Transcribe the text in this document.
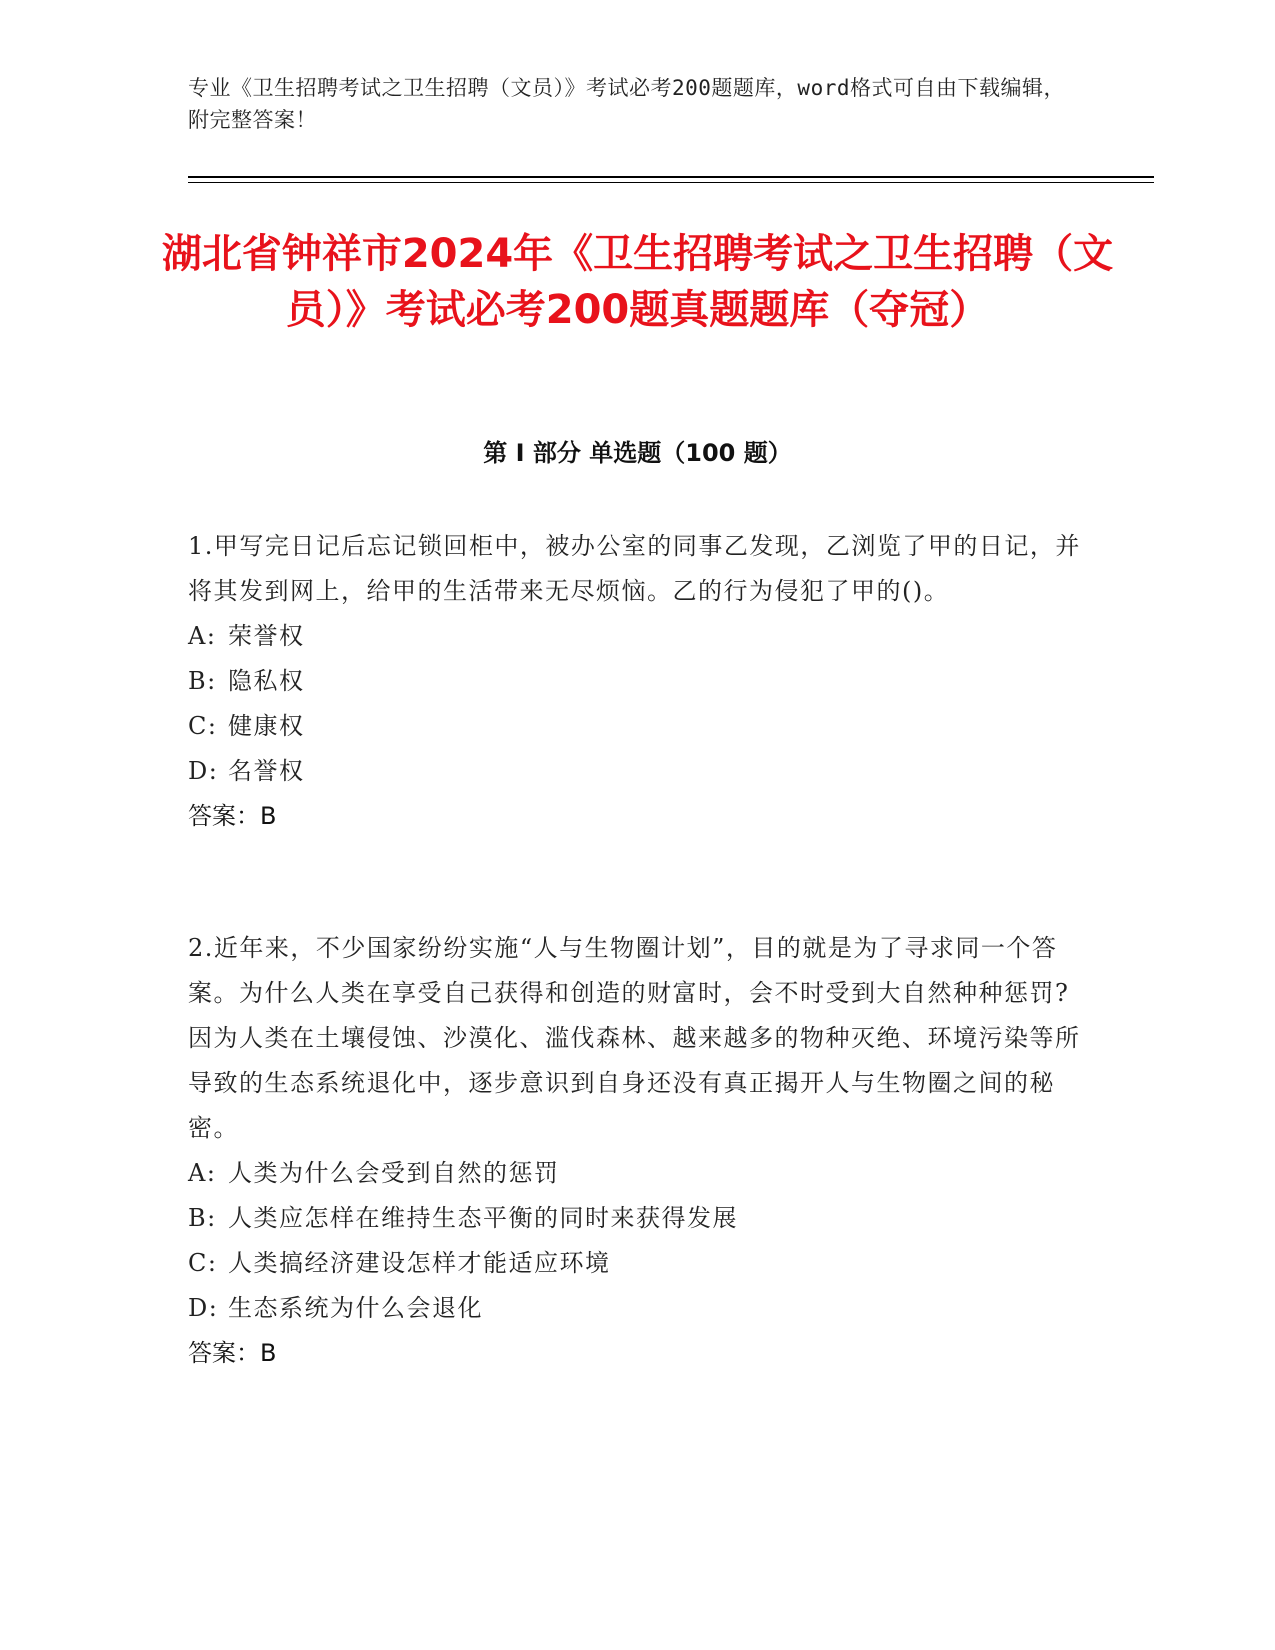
专业《卫生招聘考试之卫生招聘（文员）》考试必考200题题库，word格式可自由下载编辑，附完整答案！
湖北省钟祥市2024年《卫生招聘考试之卫生招聘（文员）》考试必考200题真题题库（夺冠）
第 I 部分 单选题（100 题）

1.甲写完日记后忘记锁回柜中，被办公室的同事乙发现，乙浏览了甲的日记，并将其发到网上，给甲的生活带来无尽烦恼。乙的行为侵犯了甲的()。

A: 荣誉权

B: 隐私权

C: 健康权

D: 名誉权

答案：B

2.近年来，不少国家纷纷实施“人与生物圈计划”，目的就是为了寻求同一个答案。为什么人类在享受自己获得和创造的财富时，会不时受到大自然种种惩罚?因为人类在土壤侵蚀、沙漠化、滥伐森林、越来越多的物种灭绝、环境污染等所导致的生态系统退化中，逐步意识到自身还没有真正揭开人与生物圈之间的秘密。

A: 人类为什么会受到自然的惩罚

B: 人类应怎样在维持生态平衡的同时来获得发展

C: 人类搞经济建设怎样才能适应环境

D: 生态系统为什么会退化

答案：B
